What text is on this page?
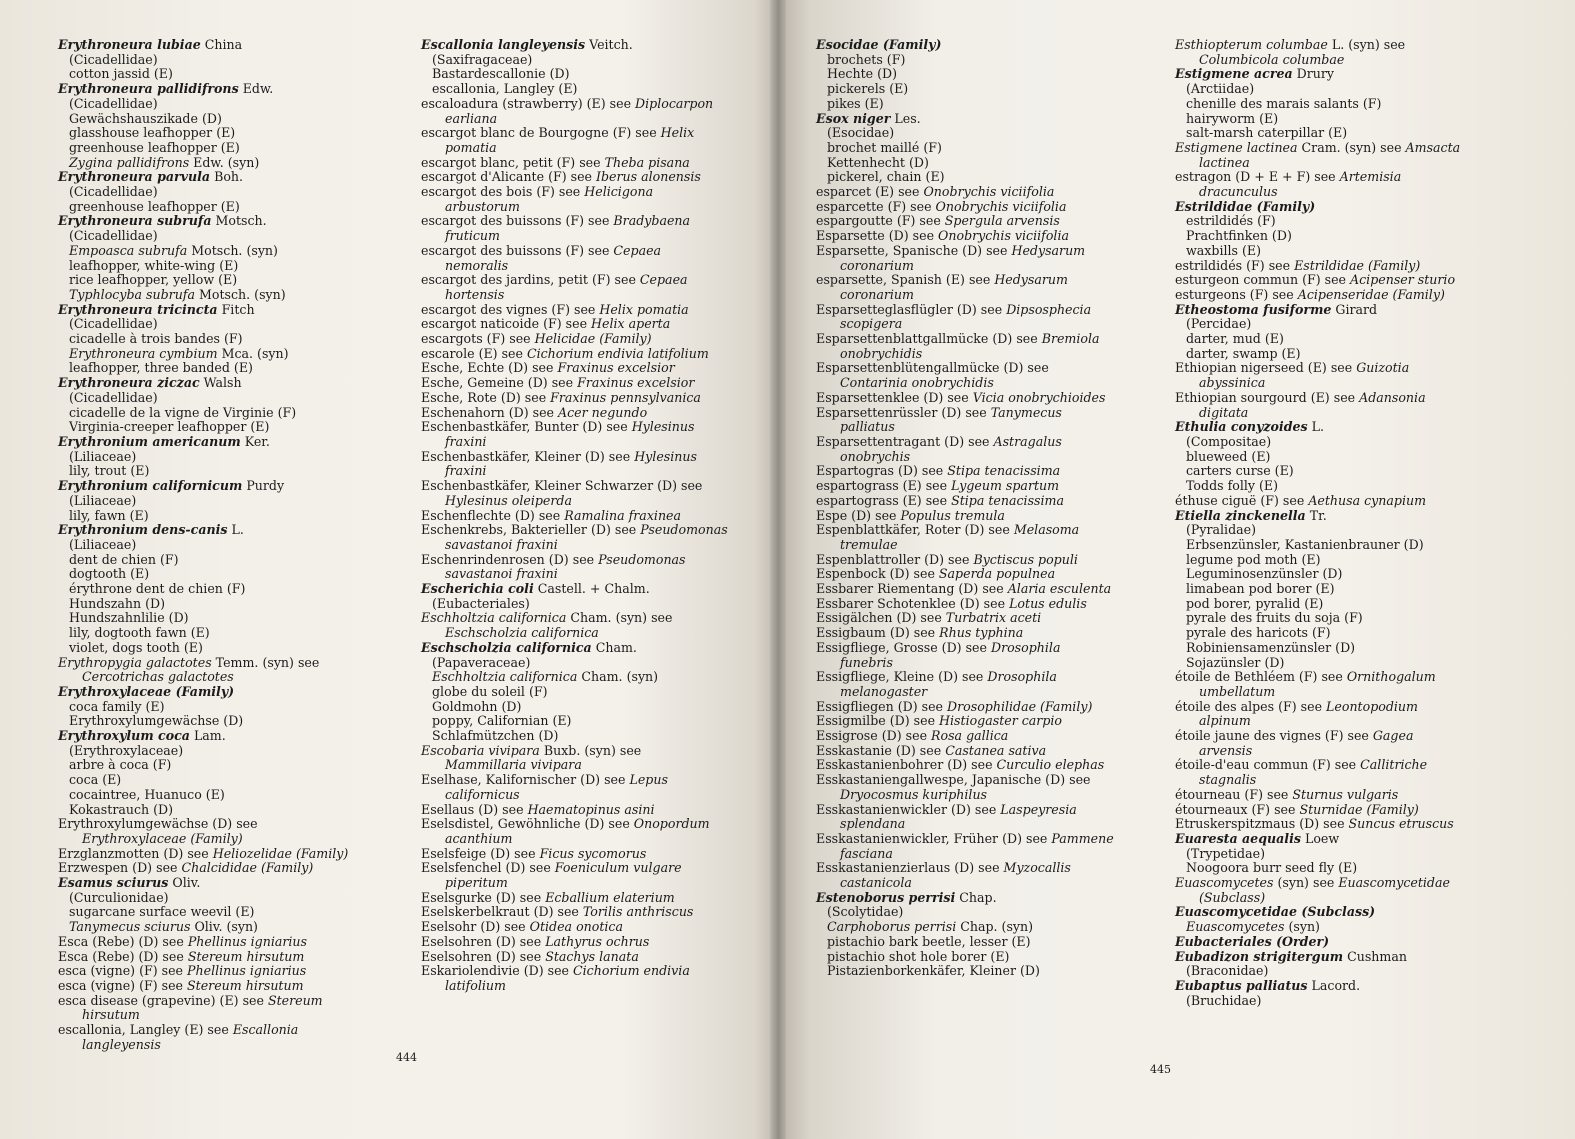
Erythroneura lubiae China
(Cicadellidae)
cotton jassid (E)
Erythroneura pallidifrons Edw.
(Cicadellidae)
Gewächshauszikade (D)
glasshouse leafhopper (E)
greenhouse leafhopper (E)
Zygina pallidifrons Edw. (syn)
Erythroneura parvula Boh.
(Cicadellidae)
greenhouse leafhopper (E)
Erythroneura subrufa Motsch.
(Cicadellidae)
Empoasca subrufa Motsch. (syn)
leafhopper, white-wing (E)
rice leafhopper, yellow (E)
Typhlocyba subrufa Motsch. (syn)
Erythroneura tricincta Fitch
(Cicadellidae)
cicadelle à trois bandes (F)
Erythroneura cymbium Mca. (syn)
leafhopper, three banded (E)
Erythroneura ziczac Walsh
(Cicadellidae)
cicadelle de la vigne de Virginie (F)
Virginia-creeper leafhopper (E)
Erythronium americanum Ker.
(Liliaceae)
lily, trout (E)
Erythronium californicum Purdy
(Liliaceae)
lily, fawn (E)
Erythronium dens-canis L.
(Liliaceae)
dent de chien (F)
dogtooth (E)
érythrone dent de chien (F)
Hundszahn (D)
Hundszahnlilie (D)
lily, dogtooth fawn (E)
violet, dogs tooth (E)
Erythropygia galactotes Temm. (syn) see
Cercotrichas galactotes
Erythroxylaceae (Family)
coca family (E)
Erythroxylumgewächse (D)
Erythroxylum coca Lam.
(Erythroxylaceae)
arbre à coca (F)
coca (E)
cocaintree, Huanuco (E)
Kokastrauch (D)
Erythroxylumgewächse (D) see
Erythroxylaceae (Family)
Erzglanzmotten (D) see Heliozelidae (Family)
Erzwespen (D) see Chalcididae (Family)
Esamus sciurus Oliv.
(Curculionidae)
sugarcane surface weevil (E)
Tanymecus sciurus Oliv. (syn)
Esca (Rebe) (D) see Phellinus igniarius
Esca (Rebe) (D) see Stereum hirsutum
esca (vigne) (F) see Phellinus igniarius
esca (vigne) (F) see Stereum hirsutum
esca disease (grapevine) (E) see Stereum
hirsutum
escallonia, Langley (E) see Escallonia
langleyensis
Escallonia langleyensis Veitch.
(Saxifragaceae)
Bastardescallonie (D)
escallonia, Langley (E)
escaloadura (strawberry) (E) see Diplocarpon
earliana
escargot blanc de Bourgogne (F) see Helix
pomatia
escargot blanc, petit (F) see Theba pisana
escargot d'Alicante (F) see Iberus alonensis
escargot des bois (F) see Helicigona
arbustorum
escargot des buissons (F) see Bradybaena
fruticum
escargot des buissons (F) see Cepaea
nemoralis
escargot des jardins, petit (F) see Cepaea
hortensis
escargot des vignes (F) see Helix pomatia
escargot naticoide (F) see Helix aperta
escargots (F) see Helicidae (Family)
escarole (E) see Cichorium endivia latifolium
Esche, Echte (D) see Fraxinus excelsior
Esche, Gemeine (D) see Fraxinus excelsior
Esche, Rote (D) see Fraxinus pennsylvanica
Eschenahorn (D) see Acer negundo
Eschenbastkäfer, Bunter (D) see Hylesinus
fraxini
Eschenbastkäfer, Kleiner (D) see Hylesinus
fraxini
Eschenbastkäfer, Kleiner Schwarzer (D) see
Hylesinus oleiperda
Eschenflechte (D) see Ramalina fraxinea
Eschenkrebs, Bakterieller (D) see Pseudomonas
savastanoi fraxini
Eschenrindenrosen (D) see Pseudomonas
savastanoi fraxini
Escherichia coli Castell. + Chalm.
(Eubacteriales)
Eschholtzia californica Cham. (syn) see
Eschscholzia californica
Eschscholzia californica Cham.
(Papaveraceae)
Eschholtzia californica Cham. (syn)
globe du soleil (F)
Goldmohn (D)
poppy, Californian (E)
Schlafmützchen (D)
Escobaria vivipara Buxb. (syn) see
Mammillaria vivipara
Eselhase, Kalifornischer (D) see Lepus
californicus
Esellaus (D) see Haematopinus asini
Eselsdistel, Gewöhnliche (D) see Onopordum
acanthium
Eselsfeige (D) see Ficus sycomorus
Eselsfenchel (D) see Foeniculum vulgare
piperitum
Eselsgurke (D) see Ecballium elaterium
Eselskerbelkraut (D) see Torilis anthriscus
Eselsohr (D) see Otidea onotica
Eselsohren (D) see Lathyrus ochrus
Eselsohren (D) see Stachys lanata
Eskariolendivie (D) see Cichorium endivia
latifolium
444
Esocidae (Family)
brochets (F)
Hechte (D)
pickerels (E)
pikes (E)
Esox niger Les.
(Esocidae)
brochet maillé (F)
Kettenhecht (D)
pickerel, chain (E)
esparcet (E) see Onobrychis viciifolia
esparcette (F) see Onobrychis viciifolia
espargoutte (F) see Spergula arvensis
Esparsette (D) see Onobrychis viciifolia
Esparsette, Spanische (D) see Hedysarum
coronarium
esparsette, Spanish (E) see Hedysarum
coronarium
Esparsetteglasflügler (D) see Dipsosphecia
scopigera
Esparsettenblattgallmücke (D) see Bremiola
onobrychidis
Esparsettenblütengallmücke (D) see
Contarinia onobrychidis
Esparsettenklee (D) see Vicia onobrychioides
Esparsettenrüssler (D) see Tanymecus
palliatus
Esparsettentragant (D) see Astragalus
onobrychis
Espartogras (D) see Stipa tenacissima
espartograss (E) see Lygeum spartum
espartograss (E) see Stipa tenacissima
Espe (D) see Populus tremula
Espenblattkäfer, Roter (D) see Melasoma
tremulae
Espenblattroller (D) see Byctiscus populi
Espenbock (D) see Saperda populnea
Essbarer Riementang (D) see Alaria esculenta
Essbarer Schotenklee (D) see Lotus edulis
Essigälchen (D) see Turbatrix aceti
Essigbaum (D) see Rhus typhina
Essigfliege, Grosse (D) see Drosophila
funebris
Essigfliege, Kleine (D) see Drosophila
melanogaster
Essigfliegen (D) see Drosophilidae (Family)
Essigmilbe (D) see Histiogaster carpio
Essigrose (D) see Rosa gallica
Esskastanie (D) see Castanea sativa
Esskastanienbohrer (D) see Curculio elephas
Esskastaniengallwespe, Japanische (D) see
Dryocosmus kuriphilus
Esskastanienwickler (D) see Laspeyresia
splendana
Esskastanienwickler, Früher (D) see Pammene
fasciana
Esskastanienzierlaus (D) see Myzocallis
castanicola
Estenoborus perrisi Chap.
(Scolytidae)
Carphoborus perrisi Chap. (syn)
pistachio bark beetle, lesser (E)
pistachio shot hole borer (E)
Pistazienborkenkäfer, Kleiner (D)
Esthiopterum columbae L. (syn) see
Columbicola columbae
Estigmene acrea Drury
(Arctiidae)
chenille des marais salants (F)
hairyworm (E)
salt-marsh caterpillar (E)
Estigmene lactinea Cram. (syn) see Amsacta
lactinea
estragon (D + E + F) see Artemisia
dracunculus
Estrildidae (Family)
estrildidés (F)
Prachtfinken (D)
waxbills (E)
estrildidés (F) see Estrildidae (Family)
esturgeon commun (F) see Acipenser sturio
esturgeons (F) see Acipenseridae (Family)
Etheostoma fusiforme Girard
(Percidae)
darter, mud (E)
darter, swamp (E)
Ethiopian nigerseed (E) see Guizotia
abyssinica
Ethiopian sourgourd (E) see Adansonia
digitata
Ethulia conyzoides L.
(Compositae)
blueweed (E)
carters curse (E)
Todds folly (E)
éthuse ciguë (F) see Aethusa cynapium
Etiella zinckenella Tr.
(Pyralidae)
Erbsenzünsler, Kastanienbrauner (D)
legume pod moth (E)
Leguminosenzünsler (D)
limabean pod borer (E)
pod borer, pyralid (E)
pyrale des fruits du soja (F)
pyrale des haricots (F)
Robiniensamenzünsler (D)
Sojazünsler (D)
étoile de Bethléem (F) see Ornithogalum
umbellatum
étoile des alpes (F) see Leontopodium
alpinum
étoile jaune des vignes (F) see Gagea
arvensis
étoile-d'eau commun (F) see Callitriche
stagnalis
étourneau (F) see Sturnus vulgaris
étourneaux (F) see Sturnidae (Family)
Etruskerspitzmaus (D) see Suncus etruscus
Euaresta aequalis Loew
(Trypetidae)
Noogoora burr seed fly (E)
Euascomycetes (syn) see Euascomycetidae
(Subclass)
Euascomycetidae (Subclass)
Euascomycetes (syn)
Eubacteriales (Order)
Eubadizon strigitergum Cushman
(Braconidae)
Eubaptus palliatus Lacord.
(Bruchidae)
445
